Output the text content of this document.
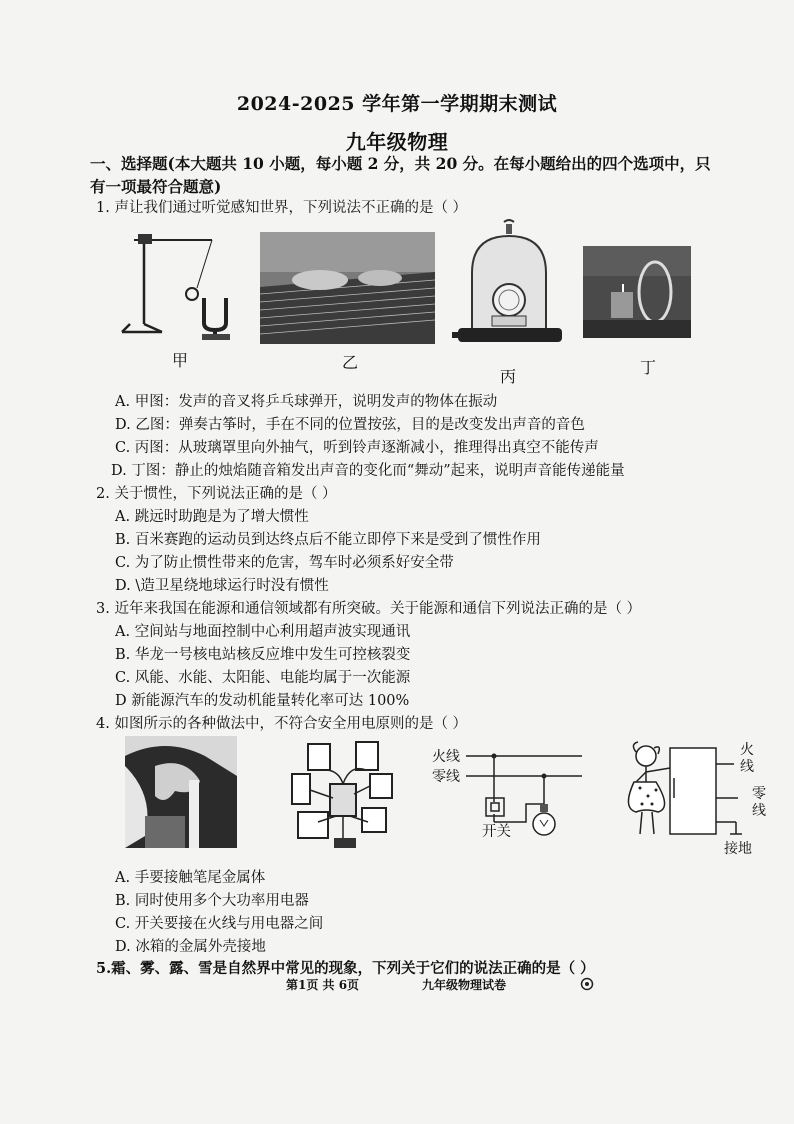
2024-2025 学年第一学期期末测试
九年级物理
一、选择题(本大题共 10 小题，每小题 2 分，共 20 分。在每小题给出的四个选项中，只
有一项最符合题意)
1. 声让我们通过听觉感知世界，下列说法不正确的是（ ）
甲	乙
丙	丁
A. 甲图：发声的音叉将乒乓球弹开，说明发声的物体在振动
D. 乙图：弹奏古筝时，手在不同的位置按弦，目的是改变发出声音的音色
C. 丙图：从玻璃罩里向外抽气，听到铃声逐渐减小，推理得出真空不能传声
D. 丁图：静止的烛焰随音箱发出声音的变化而“舞动”起来，说明声音能传递能量
2. 关于惯性，下列说法正确的是（ ）
A. 跳远时助跑是为了增大惯性
B. 百米赛跑的运动员到达终点后不能立即停下来是受到了惯性作用
C. 为了防止惯性带来的危害，驾车时必须系好安全带
D. \造卫星绕地球运行时没有惯性
3. 近年来我国在能源和通信领域都有所突破。关于能源和通信下列说法正确的是（ ）
A. 空间站与地面控制中心利用超声波实现通讯
B. 华龙一号核电站核反应堆中发生可控核裂变
C. 风能、水能、太阳能、电能均属于一次能源
D 新能源汽车的发动机能量转化率可达 100%
4. 如图所示的各种做法中，不符合安全用电原则的是（ ）
火线
零线
开关
火
线
零
线
接地
A. 手要接触笔尾金属体
B. 同时使用多个大功率用电器
C. 开关要接在火线与用电器之间
D. 冰箱的金属外壳接地
5.霜、雾、露、雪是自然界中常见的现象，下列关于它们的说法正确的是（ ）
第1页 共 6页	九年级物理试卷
